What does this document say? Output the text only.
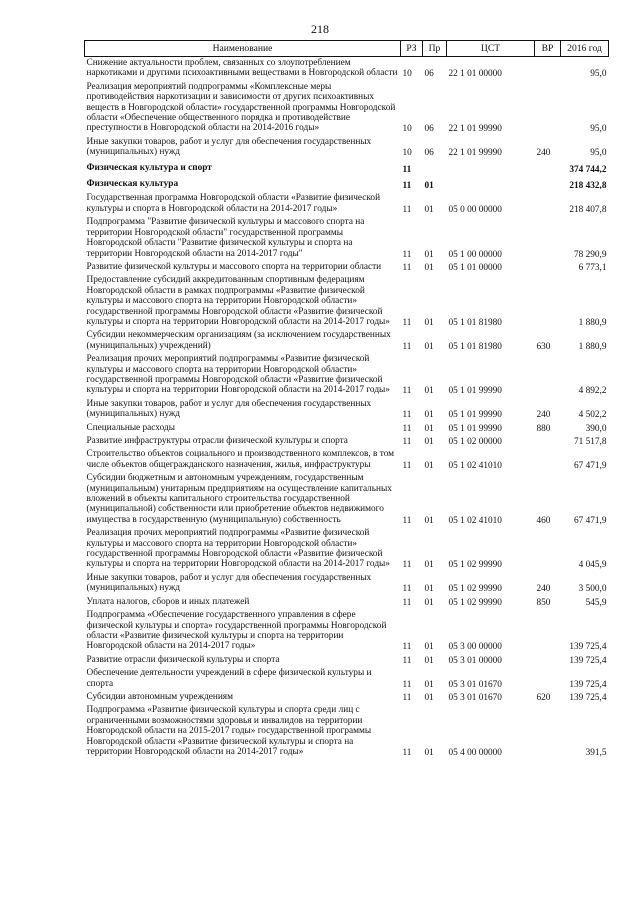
218
Наименование	РЗ	Пр	ЦСТ	ВР	2016 год
Снижение актуальности проблем, связанных со злоупотреблением наркотиками и другими психоактивными веществами в Новгородской области	10	06	22 1 01 00000		95,0
Реализация мероприятий подпрограммы «Комплексные меры противодействия наркотизации и зависимости от других психоактивных веществ в Новгородской области» государственной программы Новгородской области «Обеспечение общественного порядка и противодействие преступности в Новгородской области на 2014-2016 годы»	10	06	22 1 01 99990		95,0
Иные закупки товаров, работ и услуг для обеспечения государственных (муниципальных) нужд	10	06	22 1 01 99990	240	95,0
Физическая культура и спорт	11				374 744,2
Физическая культура	11	01			218 432,8
Государственная программа Новгородской области «Развитие физической культуры и спорта в Новгородской области на 2014-2017 годы»	11	01	05 0 00 00000		218 407,8
Подпрограмма "Развитие физической культуры и массового спорта на территории Новгородской области" государственной программы Новгородской области "Развитие физической культуры и спорта на территории Новгородской области на 2014-2017 годы"	11	01	05 1 00 00000		78 290,9
Развитие физической культуры и массового спорта на территории области	11	01	05 1 01 00000		6 773,1
Предоставление субсидий аккредитованным спортивным федерациям Новгородской области в рамках подпрограммы «Развитие физической культуры и массового спорта на территории Новгородской области» государственной программы Новгородской области «Развитие физической культуры и спорта на территории Новгородской области на 2014-2017 годы»	11	01	05 1 01 81980		1 880,9
Субсидии некоммерческим организациям (за исключением государственных (муниципальных) учреждений)	11	01	05 1 01 81980	630	1 880,9
Реализация прочих мероприятий подпрограммы «Развитие физической культуры и массового спорта на территории Новгородской области» государственной программы Новгородской области «Развитие физической культуры и спорта на территории Новгородской области на 2014-2017 годы»	11	01	05 1 01 99990		4 892,2
Иные закупки товаров, работ и услуг для обеспечения государственных (муниципальных) нужд	11	01	05 1 01 99990	240	4 502,2
Специальные расходы	11	01	05 1 01 99990	880	390,0
Развитие инфраструктуры отрасли физической культуры и спорта	11	01	05 1 02 00000		71 517,8
Строительство объектов социального и производственного комплексов, в том числе объектов общегражданского назначения, жилья, инфраструктуры	11	01	05 1 02 41010		67 471,9
Субсидии бюджетным и автономным учреждениям, государственным (муниципальным) унитарным предприятиям на осуществление капитальных вложений в объекты капитального строительства государственной (муниципальной) собственности или приобретение объектов недвижимого имущества в государственную (муниципальную) собственность	11	01	05 1 02 41010	460	67 471,9
Реализация прочих мероприятий подпрограммы «Развитие физической культуры и массового спорта на территории Новгородской области» государственной программы Новгородской области «Развитие физической культуры и спорта на территории Новгородской области на 2014-2017 годы»	11	01	05 1 02 99990		4 045,9
Иные закупки товаров, работ и услуг для обеспечения государственных (муниципальных) нужд	11	01	05 1 02 99990	240	3 500,0
Уплата налогов, сборов и иных платежей	11	01	05 1 02 99990	850	545,9
Подпрограмма «Обеспечение государственного управления в сфере физической культуры и спорта» государственной программы Новгородской области «Развитие физической культуры и спорта на территории Новгородской области на 2014-2017 годы»	11	01	05 3 00 00000		139 725,4
Развитие отрасли физической культуры и спорта	11	01	05 3 01 00000		139 725,4
Обеспечение деятельности учреждений в сфере физической культуры и спорта	11	01	05 3 01 01670		139 725,4
Субсидии автономным учреждениям	11	01	05 3 01 01670	620	139 725,4
Подпрограмма «Развитие физической культуры и спорта среди лиц с ограниченными возможностями здоровья и инвалидов на территории Новгородской области на 2015-2017 годы» государственной программы Новгородской области «Развитие физической культуры и спорта на территории Новгородской области на 2014-2017 годы»	11	01	05 4 00 00000		391,5
